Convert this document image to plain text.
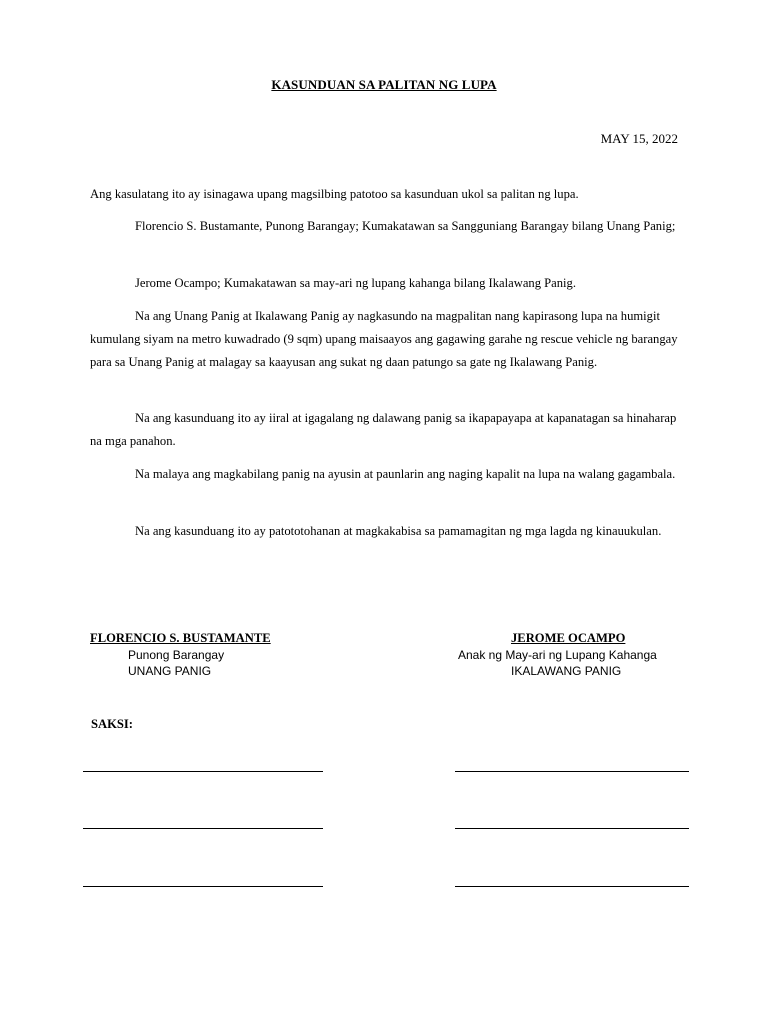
KASUNDUAN SA PALITAN NG LUPA
MAY 15, 2022

Ang kasulatang ito ay isinagawa upang magsilbing patotoo sa kasunduan ukol sa palitan ng lupa.

Florencio S. Bustamante, Punong Barangay; Kumakatawan sa Sangguniang Barangay bilang Unang Panig;

Jerome Ocampo; Kumakatawan sa may-ari ng lupang kahanga bilang Ikalawang Panig.

Na ang Unang Panig at Ikalawang Panig ay nagkasundo na magpalitan nang kapirasong lupa na humigit kumulang siyam na metro kuwadrado (9 sqm) upang maisaayos ang gagawing garahe ng rescue vehicle ng barangay para sa Unang Panig at malagay sa kaayusan ang sukat ng daan patungo sa gate ng Ikalawang Panig.

Na ang kasunduang ito ay iiral at igagalang ng dalawang panig sa ikapapayapa at kapanatagan sa hinaharap na mga panahon.

Na malaya ang magkabilang panig na ayusin at paunlarin ang naging kapalit na lupa na walang gagambala.

Na ang kasunduang ito ay patototohanan at magkakabisa sa pamamagitan ng mga lagda ng kinauukulan.

FLORENCIO S. BUSTAMANTE
Punong Barangay
UNANG PANIG
JEROME OCAMPO
Anak ng May-ari ng Lupang Kahanga
IKALAWANG PANIG
SAKSI:
